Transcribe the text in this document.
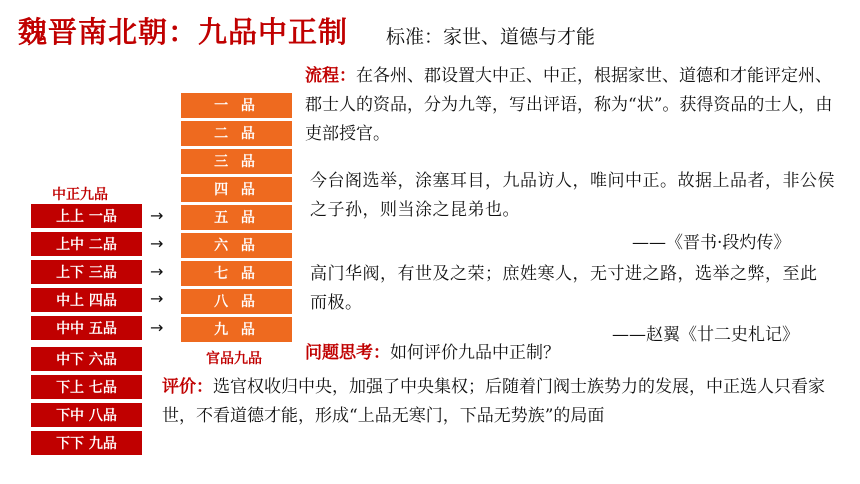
魏晋南北朝：九品中正制 标准：家世、道德与才能
一 品
二 品
三 品
四 品
五 品
六 品
七 品
八 品
九 品
官品九品
中正九品
上上 一品
上中 二品
上下 三品
中上 四品
中中 五品
中下 六品
下上 七品
下中 八品
下下 九品
→
→
→
→
→
流程：在各州、郡设置大中正、中正，根据家世、道德和才能评定州、郡士人的资品，分为九等，写出评语，称为“状”。获得资品的士人，由吏部授官。
今台阁选举，涂塞耳目，九品访人，唯问中正。故据上品者，非公侯之子孙，则当涂之昆弟也。
——《晋书·段灼传》
高门华阀，有世及之荣；庶姓寒人，无寸进之路，选举之弊，至此而极。
——赵翼《廿二史札记》
问题思考：如何评价九品中正制？
评价：选官权收归中央，加强了中央集权；后随着门阀士族势力的发展，中正选人只看家世，不看道德才能，形成“上品无寒门，下品无势族”的局面
